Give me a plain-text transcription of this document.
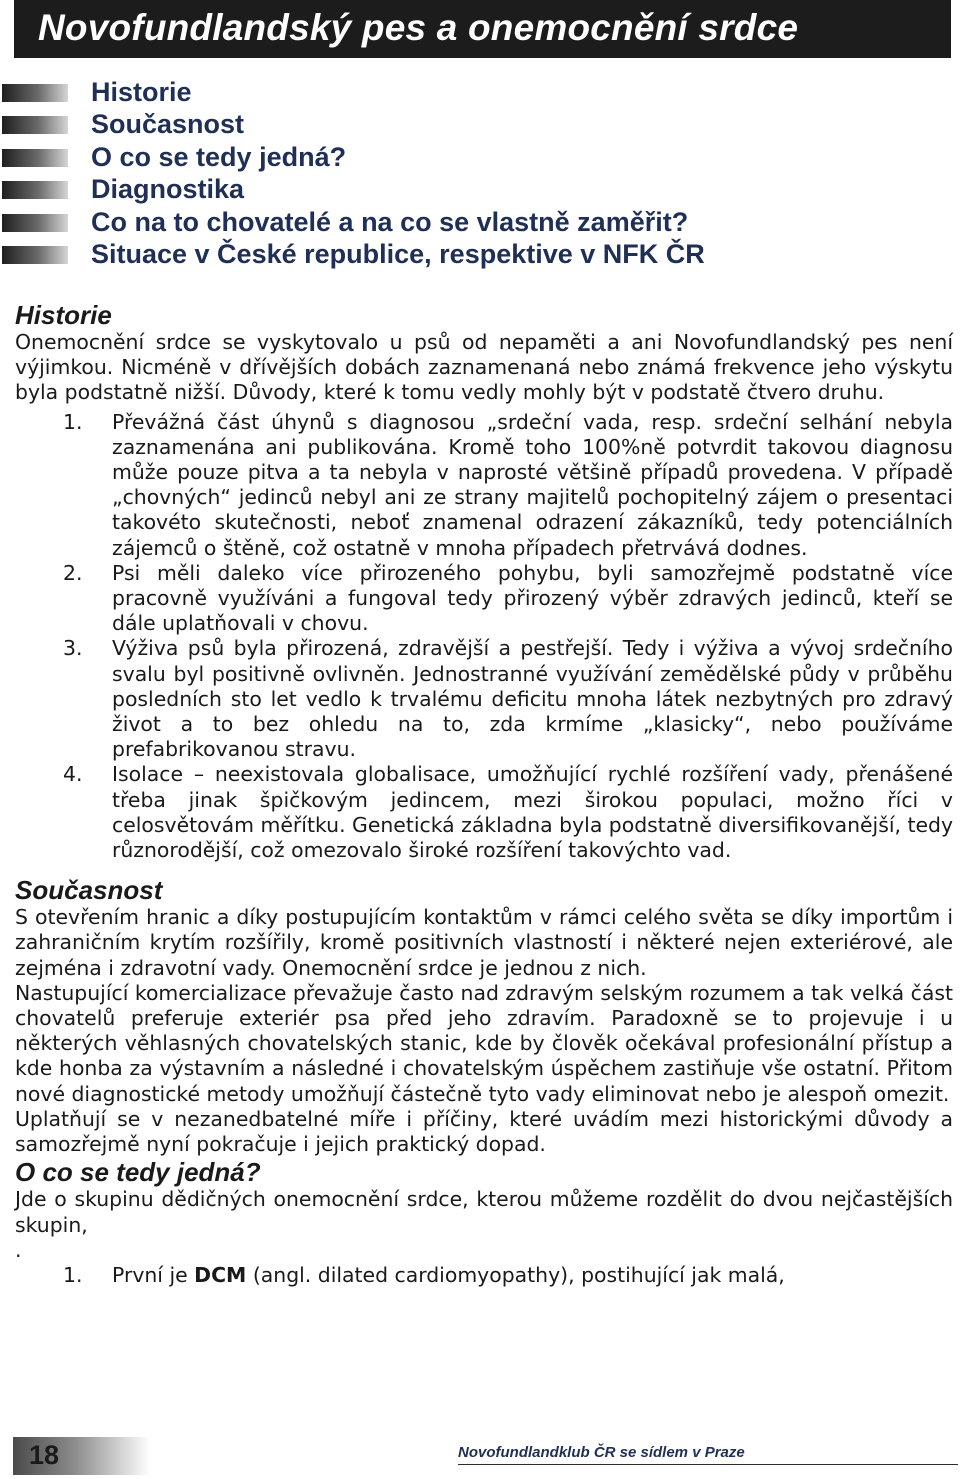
Novofundlandský pes a onemocnění srdce
Historie
Současnost
O co se tedy jedná?
Diagnostika
Co na to chovatelé a na co se vlastně zaměřit?
Situace v České republice, respektive v NFK ČR
Historie

Onemocnění srdce se vyskytovalo u psů od nepaměti a ani Novofundlandský pes není výjimkou. Nicméně v dřívějších dobách zaznamenaná nebo známá frekvence jeho výskytu byla podstatně nižší. Důvody, které k tomu vedly mohly být v podstatě čtvero druhu.

1. Převážná část úhynů s diagnosou „srdeční vada, resp. srdeční selhání nebyla zaznamenána ani publikována. Kromě toho 100%ně potvrdit takovou diagnosu může pouze pitva a ta nebyla v naprosté většině případů provedena. V případě „chovných“ jedinců nebyl ani ze strany majitelů pochopitelný zájem o presentaci takovéto skutečnosti, neboť znamenal odrazení zákazníků, tedy potenciálních zájemců o štěně, což ostatně v mnoha případech přetrvává dodnes.
2. Psi měli daleko více přirozeného pohybu, byli samozřejmě podstatně více pracovně využíváni a fungoval tedy přirozený výběr zdravých jedinců, kteří se dále uplatňovali v chovu.
3. Výživa psů byla přirozená, zdravější a pestřejší. Tedy i výživa a vývoj srdečního svalu byl positivně ovlivněn. Jednostranné využívání zemědělské půdy v průběhu posledních sto let vedlo k trvalému deficitu mnoha látek nezbytných pro zdravý život a to bez ohledu na to, zda krmíme „klasicky“, nebo používáme prefabrikovanou stravu.
4. Isolace – neexistovala globalisace, umožňující rychlé rozšíření vady, přenášené třeba jinak špičkovým jedincem, mezi širokou populaci, možno říci v celosvětovám měřítku. Genetická základna byla podstatně diversifikovanější, tedy různorodější, což omezovalo široké rozšíření takovýchto vad.
Současnost

S otevřením hranic a díky postupujícím kontaktům v rámci celého světa se díky importům i zahraničním krytím rozšířily, kromě positivních vlastností i některé nejen exteriérové, ale zejména i zdravotní vady. Onemocnění srdce je jednou z nich.

Nastupující komercializace převažuje často nad zdravým selským rozumem a tak velká část chovatelů preferuje exteriér psa před jeho zdravím. Paradoxně se to projevuje i u některých věhlasných chovatelských stanic, kde by člověk očekával profesionální přístup a kde honba za výstavním a následné i chovatelským úspěchem zastiňuje vše ostatní. Přitom nové diagnostické metody umožňují částečně tyto vady eliminovat nebo je alespoň omezit.

Uplatňují se v nezanedbatelné míře i příčiny, které uvádím mezi historickými důvody a samozřejmě nyní pokračuje i jejich praktický dopad.

O co se tedy jedná?

Jde o skupinu dědičných onemocnění srdce, kterou můžeme rozdělit do dvou nejčastějších skupin,

.
1. První je DCM (angl. dilated cardiomyopathy), postihující jak malá,
18	Novofundlandklub ČR se sídlem v Praze
